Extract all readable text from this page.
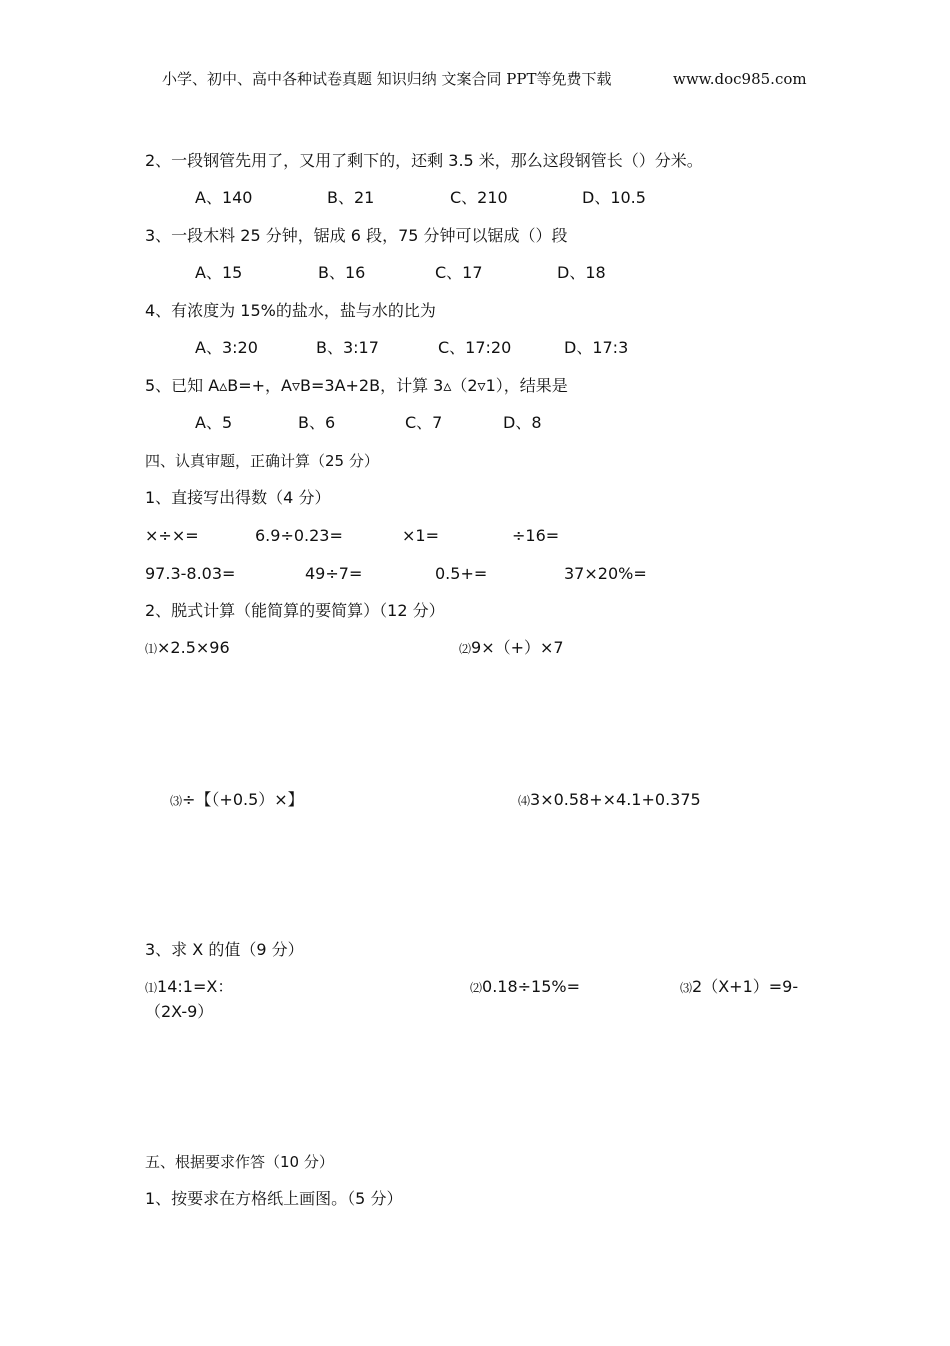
小学、初中、高中各种试卷真题 知识归纳 文案合同 PPT等免费下载	www.doc985.com
2、一段钢管先用了，又用了剩下的，还剩 3.5 米，那么这段钢管长（）分米。
A、140	B、21	C、210	D、10.5
3、一段木料 25 分钟，锯成 6 段，75 分钟可以锯成（）段
A、15	B、16	C、17	D、18
4、有浓度为 15%的盐水，盐与水的比为
A、3:20	B、3:17	C、17:20	D、17:3
5、已知 A▵B=+，A▿B=3A+2B，计算 3▵（2▿1），结果是
A、5	B、6	C、7	D、8
四、认真审题，正确计算（25 分）
1、直接写出得数（4 分）
×÷×=	6.9÷0.23=	×1=	÷16=
97.3-8.03=	49÷7=	0.5+=	37×20%=
2、脱式计算（能简算的要简算）（12 分）
⑴×2.5×96	⑵9×（+）×7
⑶÷【（+0.5）×】	⑷3×0.58+×4.1+0.375
3、求 X 的值（9 分）
⑴14:1=X：	⑵0.18÷15%=	⑶2（X+1）=9-
（2X-9）
五、根据要求作答（10 分）
1、按要求在方格纸上画图。（5 分）
